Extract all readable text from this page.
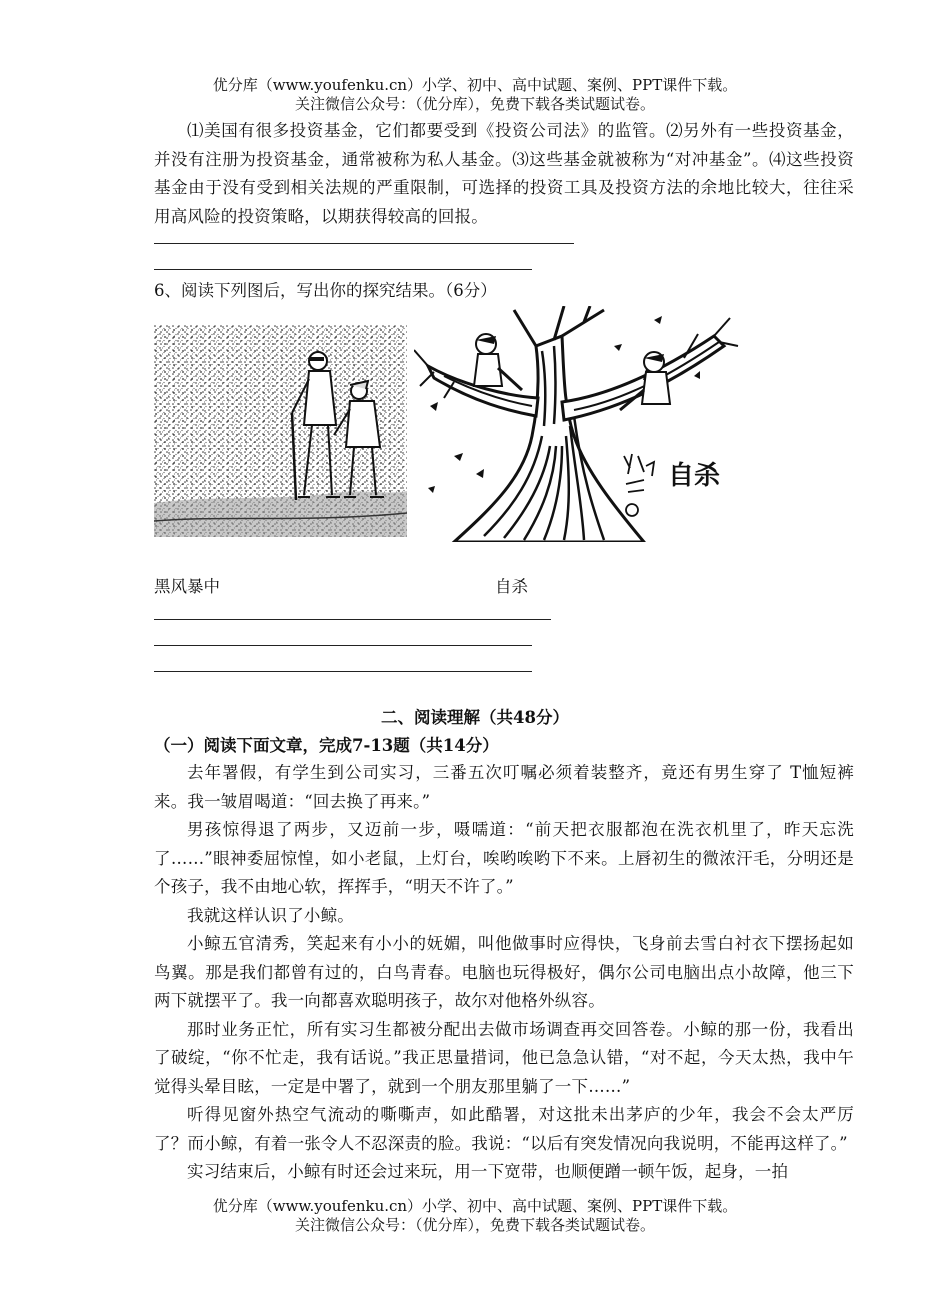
优分库（www.youfenku.cn）小学、初中、高中试题、案例、PPT课件下载。
关注微信公众号：（优分库），免费下载各类试题试卷。
⑴美国有很多投资基金，它们都要受到《投资公司法》的监管。⑵另外有一些投资基金，并没有注册为投资基金，通常被称为私人基金。⑶这些基金就被称为“对冲基金”。⑷这些投资基金由于没有受到相关法规的严重限制，可选择的投资工具及投资方法的余地比较大，往往采用高风险的投资策略，以期获得较高的回报。
6、阅读下列图后，写出你的探究结果。（6分）
自杀
黑风暴中	自杀
二、阅读理解（共48分）
（一）阅读下面文章，完成7-13题（共14分）
去年署假，有学生到公司实习，三番五次叮嘱必须着装整齐，竟还有男生穿了 T恤短裤来。我一皱眉喝道：“回去换了再来。”
男孩惊得退了两步，又迈前一步，嗫嚅道：“前天把衣服都泡在洗衣机里了，昨天忘洗了……”眼神委屈惊惶，如小老鼠，上灯台，唉哟唉哟下不来。上唇初生的微浓汗毛，分明还是个孩子，我不由地心软，挥挥手，“明天不许了。”
我就这样认识了小鲸。
小鲸五官清秀，笑起来有小小的妩媚，叫他做事时应得快，飞身前去雪白衬衣下摆扬起如鸟翼。那是我们都曾有过的，白鸟青春。电脑也玩得极好，偶尔公司电脑出点小故障，他三下两下就摆平了。我一向都喜欢聪明孩子，故尔对他格外纵容。
那时业务正忙，所有实习生都被分配出去做市场调查再交回答卷。小鲸的那一份，我看出了破绽，“你不忙走，我有话说。”我正思量措词，他已急急认错，“对不起，今天太热，我中午觉得头晕目眩，一定是中署了，就到一个朋友那里躺了一下……”
听得见窗外热空气流动的嘶嘶声，如此酷署，对这批未出茅庐的少年，我会不会太严厉了？而小鲸，有着一张令人不忍深责的脸。我说：“以后有突发情况向我说明，不能再这样了。”
实习结束后，小鲸有时还会过来玩，用一下宽带，也顺便蹭一顿午饭，起身，一拍
优分库（www.youfenku.cn）小学、初中、高中试题、案例、PPT课件下载。
关注微信公众号：（优分库），免费下载各类试题试卷。
